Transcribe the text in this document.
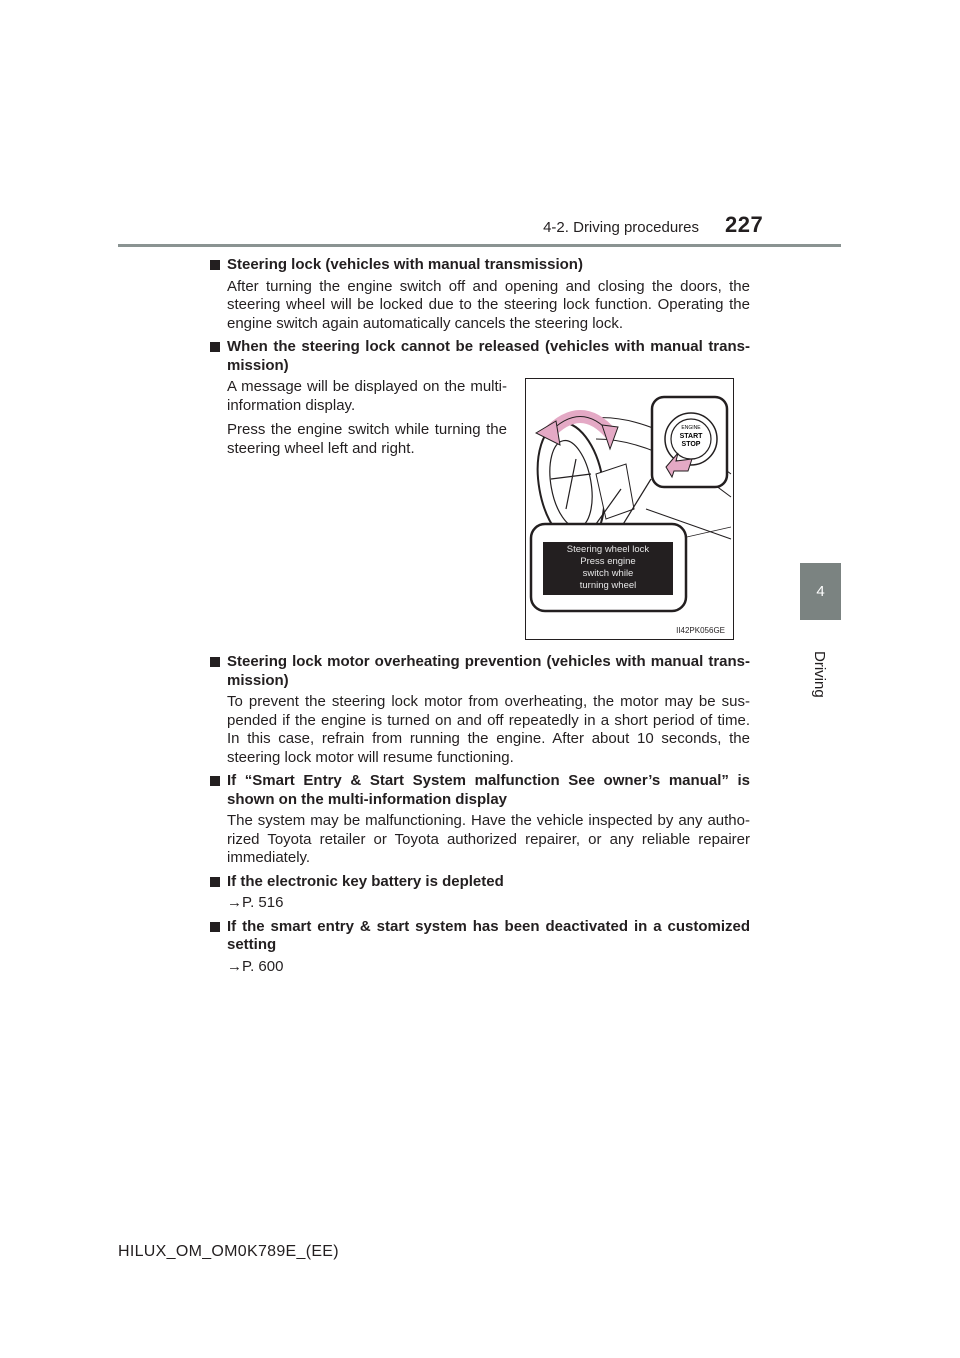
4-2. Driving procedures 227
4
Driving
Steering lock (vehicles with manual transmission)
After turning the engine switch off and opening and closing the doors, the steering wheel will be locked due to the steering lock function. Operating the engine switch again automatically cancels the steering lock.
When the steering lock cannot be released (vehicles with manual trans- mission)
Steering lock motor overheating prevention (vehicles with manual trans- mission)
To prevent the steering lock motor from overheating, the motor may be sus- pended if the engine is turned on and off repeatedly in a short period of time. In this case, refrain from running the engine. After about 10 seconds, the steering lock motor will resume functioning.
If “Smart Entry & Start System malfunction See owner’s manual” is shown on the multi-information display
The system may be malfunctioning. Have the vehicle inspected by any autho- rized Toyota retailer or Toyota authorized repairer, or any reliable repairer immediately.
If the electronic key battery is depleted
→P. 516
If the smart entry & start system has been deactivated in a customized setting
→P. 600

A message will be displayed on the multi- information display.

Press the engine switch while turning the steering wheel left and right.

ENGINE
START
STOP
Steering wheel lock
Press engine
switch while
turning wheel
II42PK056GE
HILUX_OM_OM0K789E_(EE)
